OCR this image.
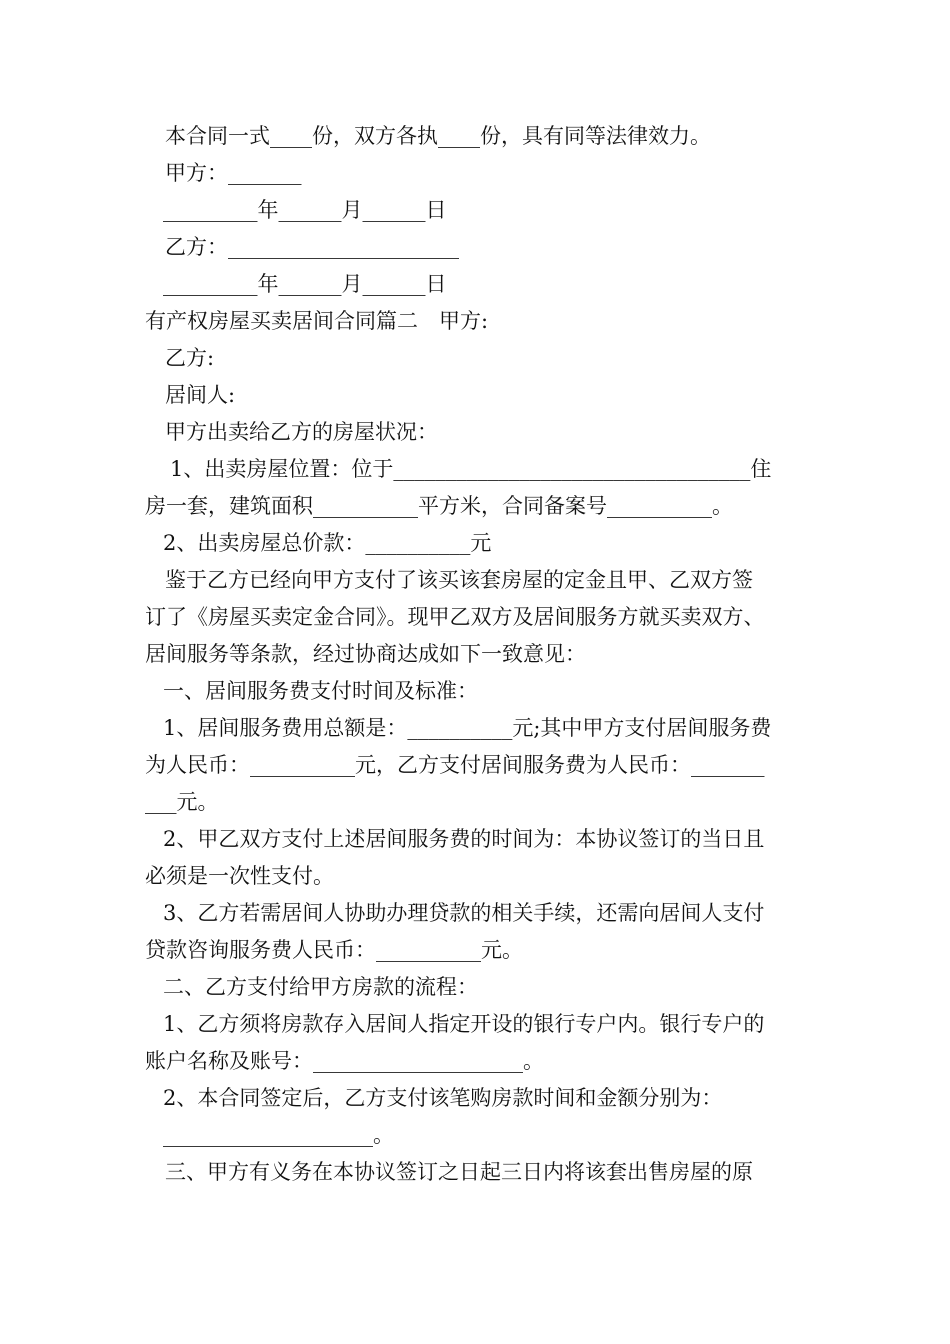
本合同一式____份，双方各执____份，具有同等法律效力。
甲方：_______
_________年______月______日
乙方：______________________
_________年______月______日
有产权房屋买卖居间合同篇二　甲方:
乙方:
居间人:
甲方出卖给乙方的房屋状况：
1、出卖房屋位置：位于__________________________________住
房一套，建筑面积__________平方米，合同备案号__________。
2、出卖房屋总价款：__________元
鉴于乙方已经向甲方支付了该买该套房屋的定金且甲、乙双方签
订了《房屋买卖定金合同》。现甲乙双方及居间服务方就买卖双方、
居间服务等条款，经过协商达成如下一致意见：
一、居间服务费支付时间及标准：
1、居间服务费用总额是：__________元;其中甲方支付居间服务费
为人民币：__________元，乙方支付居间服务费为人民币：_______
___元。
2、甲乙双方支付上述居间服务费的时间为：本协议签订的当日且
必须是一次性支付。
3、乙方若需居间人协助办理贷款的相关手续，还需向居间人支付
贷款咨询服务费人民币：__________元。
二、乙方支付给甲方房款的流程：
1、乙方须将房款存入居间人指定开设的银行专户内。银行专户的
账户名称及账号：____________________。
2、本合同签定后，乙方支付该笔购房款时间和金额分别为：
____________________。
三、甲方有义务在本协议签订之日起三日内将该套出售房屋的原
